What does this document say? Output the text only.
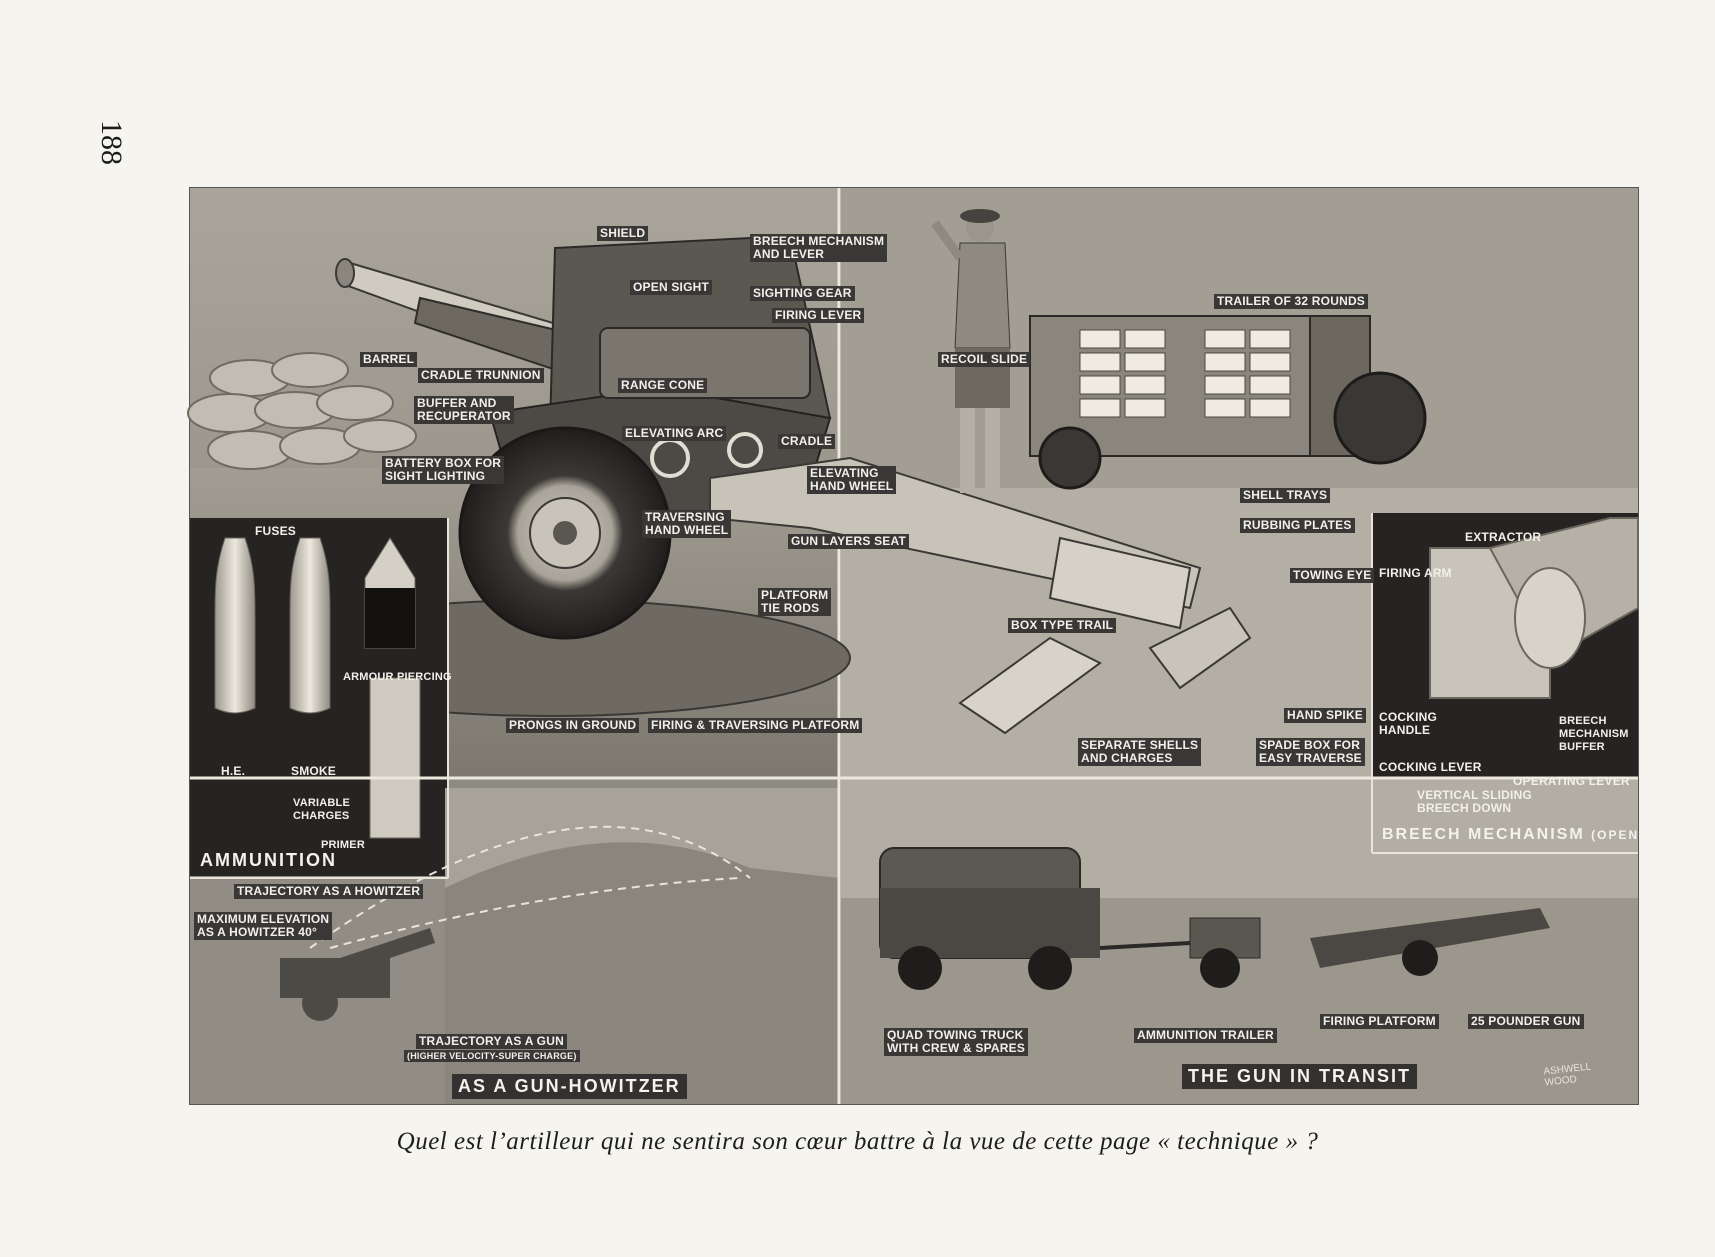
188
SHIELD
BREECH MECHANISM
AND LEVER
OPEN SIGHT	SIGHTING GEAR
FIRING LEVER
BARREL
CRADLE TRUNNION
BUFFER AND
RECUPERATOR
RANGE CONE
ELEVATING ARC
CRADLE
BATTERY BOX FOR
SIGHT LIGHTING	ELEVATING
HAND WHEEL
TRAVERSING
HAND WHEEL
GUN LAYERS SEAT
PLATFORM
TIE RODS
PRONGS IN GROUND FIRING & TRAVERSING PLATFORM
RECOIL SLIDE
TRAILER OF 32 ROUNDS
SHELL TRAYS
RUBBING PLATES
TOWING EYE
BOX TYPE TRAIL
HAND SPIKE
SPADE BOX FOR
EASY TRAVERSE
SEPARATE SHELLS
AND CHARGES
FUSES
ARMOUR PIERCING
H.E.	SMOKE
VARIABLE
CHARGES
PRIMER
AMMUNITION
EXTRACTOR
FIRING ARM
COCKING
HANDLE
BREECH
MECHANISM
BUFFER
COCKING LEVER
OPERATING LEVER
VERTICAL SLIDING
BREECH DOWN
BREECH MECHANISM (OPEN)
TRAJECTORY AS A HOWITZER
MAXIMUM ELEVATION
AS A HOWITZER 40°
TRAJECTORY AS A GUN
(HIGHER VELOCITY-SUPER CHARGE)
AS A GUN-HOWITZER
QUAD TOWING TRUCK
WITH CREW & SPARES
AMMUNITION TRAILER
FIRING PLATFORM	25 POUNDER GUN
THE GUN IN TRANSIT	ASHWELL
WOOD
Quel est l’artilleur qui ne sentira son cœur battre à la vue de cette page « technique » ?
